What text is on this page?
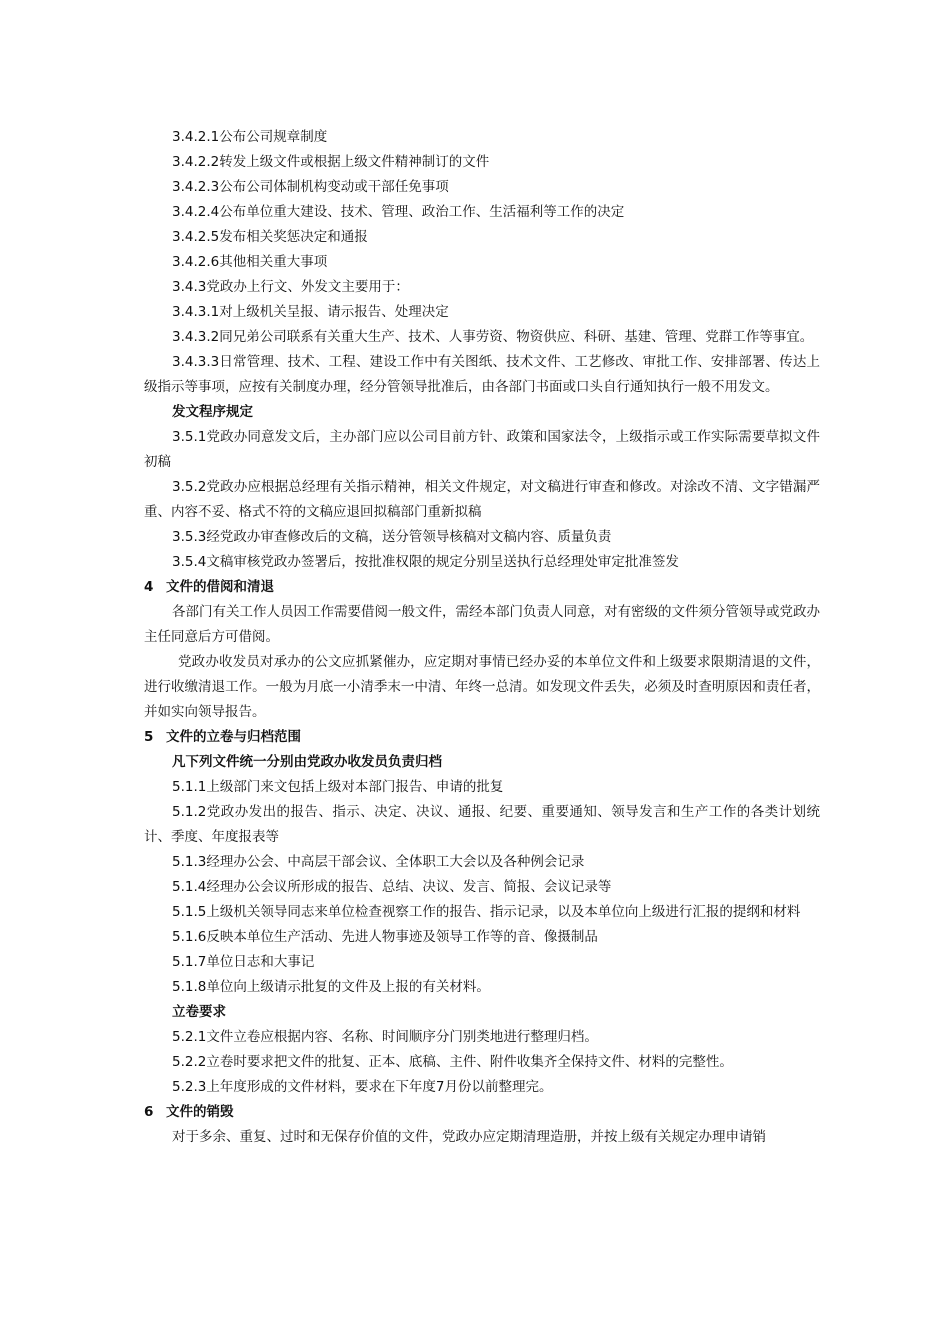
3.4.2.1公布公司规章制度

3.4.2.2转发上级文件或根据上级文件精神制订的文件

3.4.2.3公布公司体制机构变动或干部任免事项

3.4.2.4公布单位重大建设、技术、管理、政治工作、生活福利等工作的决定

3.4.2.5发布相关奖惩决定和通报

3.4.2.6其他相关重大事项

3.4.3党政办上行文、外发文主要用于：

3.4.3.1对上级机关呈报、请示报告、处理决定

3.4.3.2同兄弟公司联系有关重大生产、技术、人事劳资、物资供应、科研、基建、管理、党群工作等事宜。

3.4.3.3日常管理、技术、工程、建设工作中有关图纸、技术文件、工艺修改、审批工作、安排部署、传达上级指示等事项，应按有关制度办理，经分管领导批准后，由各部门书面或口头自行通知执行一般不用发文。

发文程序规定

3.5.1党政办同意发文后，主办部门应以公司目前方针、政策和国家法令，上级指示或工作实际需要草拟文件初稿

3.5.2党政办应根据总经理有关指示精神，相关文件规定，对文稿进行审查和修改。对涂改不清、文字错漏严重、内容不妥、格式不符的文稿应退回拟稿部门重新拟稿

3.5.3经党政办审查修改后的文稿，送分管领导核稿对文稿内容、质量负责

3.5.4文稿审核党政办签署后，按批准权限的规定分别呈送执行总经理处审定批准签发

4 文件的借阅和清退

各部门有关工作人员因工作需要借阅一般文件，需经本部门负责人同意，对有密级的文件须分管领导或党政办主任同意后方可借阅。

党政办收发员对承办的公文应抓紧催办，应定期对事情已经办妥的本单位文件和上级要求限期清退的文件，进行收缴清退工作。一般为月底一小清季末一中清、年终一总清。如发现文件丢失，必须及时查明原因和责任者，并如实向领导报告。

5 文件的立卷与归档范围

凡下列文件统一分别由党政办收发员负责归档

5.1.1上级部门来文包括上级对本部门报告、申请的批复

5.1.2党政办发出的报告、指示、决定、决议、通报、纪要、重要通知、领导发言和生产工作的各类计划统计、季度、年度报表等

5.1.3经理办公会、中高层干部会议、全体职工大会以及各种例会记录

5.1.4经理办公会议所形成的报告、总结、决议、发言、简报、会议记录等

5.1.5上级机关领导同志来单位检查视察工作的报告、指示记录，以及本单位向上级进行汇报的提纲和材料

5.1.6反映本单位生产活动、先进人物事迹及领导工作等的音、像摄制品

5.1.7单位日志和大事记

5.1.8单位向上级请示批复的文件及上报的有关材料。

立卷要求

5.2.1文件立卷应根据内容、名称、时间顺序分门别类地进行整理归档。

5.2.2立卷时要求把文件的批复、正本、底稿、主件、附件收集齐全保持文件、材料的完整性。

5.2.3上年度形成的文件材料，要求在下年度7月份以前整理完。

6 文件的销毁

对于多余、重复、过时和无保存价值的文件，党政办应定期清理造册，并按上级有关规定办理申请销
